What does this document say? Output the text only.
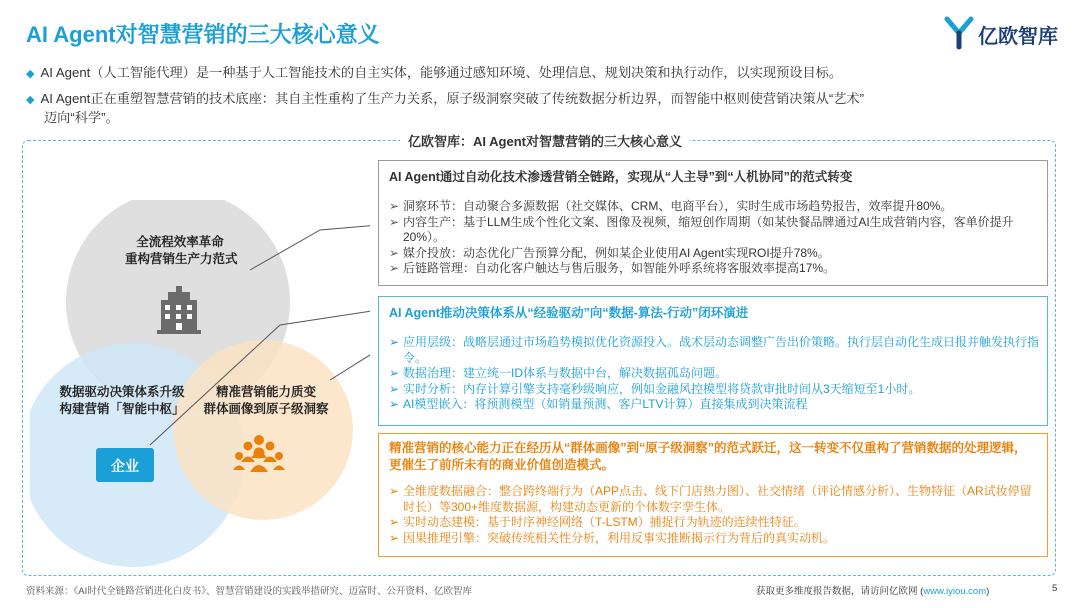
AI Agent对智慧营销的三大核心意义	亿欧智库
◆ AI Agent（人工智能代理）是一种基于人工智能技术的自主实体，能够通过感知环境、处理信息、规划决策和执行动作，以实现预设目标。
◆ AI Agent正在重塑智慧营销的技术底座：其自主性重构了生产力关系，原子级洞察突破了传统数据分析边界，而智能中枢则使营销决策从“艺术”
迈向“科学”。
亿欧智库：AI Agent对智慧营销的三大核心意义
全流程效率革命
重构营销生产力范式
数据驱动决策体系升级
构建营销「智能中枢」
精准营销能力质变
群体画像到原子级洞察
企业
AI Agent通过自动化技术渗透营销全链路，实现从“人主导”到“人机协同”的范式转变
➢ 洞察环节：自动聚合多源数据（社交媒体、CRM、电商平台），实时生成市场趋势报告，效率提升80%。
➢ 内容生产：基于LLM生成个性化文案、图像及视频，缩短创作周期（如某快餐品牌通过AI生成营销内容，客单价提升20%）。
➢ 媒介投放：动态优化广告预算分配，例如某企业使用AI Agent实现ROI提升78%。
➢ 后链路管理：自动化客户触达与售后服务，如智能外呼系统将客服效率提高17%。
AI Agent推动决策体系从“经验驱动”向“数据-算法-行动”闭环演进
➢ 应用层级：战略层通过市场趋势模拟优化资源投入。战术层动态调整广告出价策略。执行层自动化生成日报并触发执行指令。
➢ 数据治理：建立统一ID体系与数据中台，解决数据孤岛问题。
➢ 实时分析：内存计算引擎支持毫秒级响应，例如金融风控模型将贷款审批时间从3天缩短至1小时。
➢ AI模型嵌入：将预测模型（如销量预测、客户LTV计算）直接集成到决策流程
精准营销的核心能力正在经历从“群体画像”到“原子级洞察”的范式跃迁，这一转变不仅重构了营销数据的处理逻辑，更催生了前所未有的商业价值创造模式。
➢ 全维度数据融合：整合跨终端行为（APP点击、线下门店热力图）、社交情绪（评论情感分析）、生物特征（AR试妆停留时长）等300+维度数据源，构建动态更新的个体数字孪生体。
➢ 实时动态建模：基于时序神经网络（T-LSTM）捕捉行为轨迹的连续性特征。
➢ 因果推理引擎：突破传统相关性分析，利用反事实推断揭示行为背后的真实动机。
资料来源：《AI时代全链路营销进化白皮书》、智慧营销建设的实践举措研究、迈富时、公开资料、亿欧智库	获取更多维度报告数据，请访问亿欧网 (www.iyiou.com)	5
